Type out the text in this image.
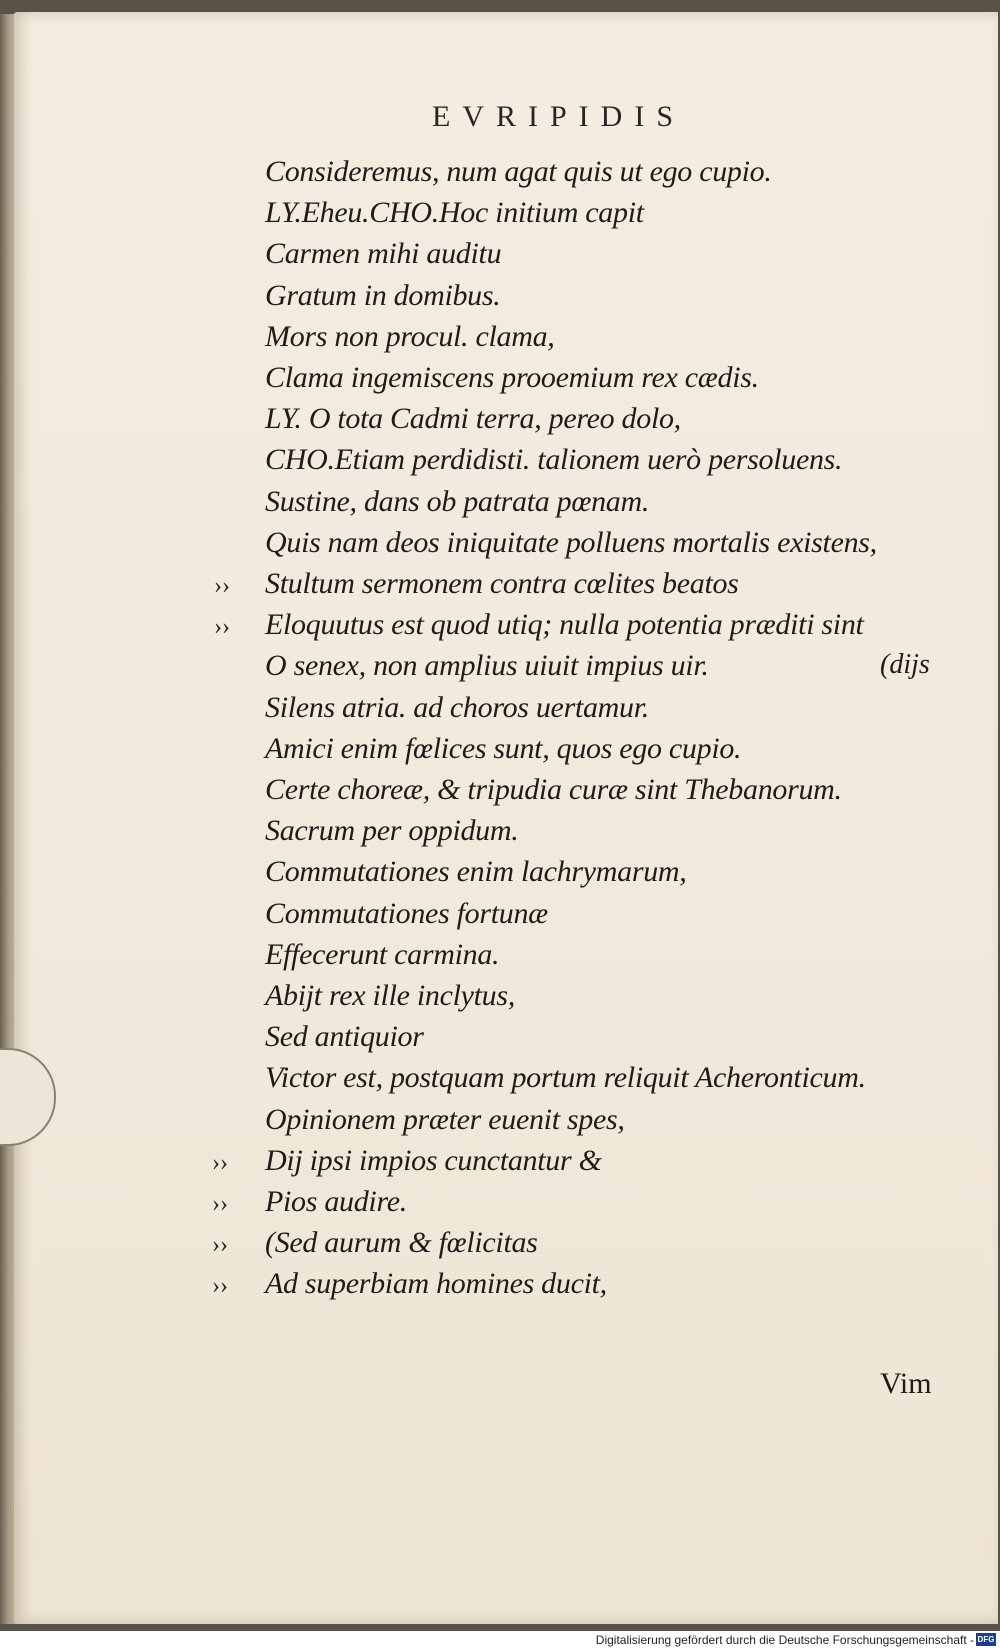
EVRIPIDIS
Consideremus, num agat quis ut ego cupio.
LY.Eheu.CHO.Hoc initium capit
Carmen mihi auditu
Gratum in domibus.
Mors non procul. clama,
Clama ingemiscens prooemium rex cædis.
LY. O tota Cadmi terra, pereo dolo,
CHO.Etiam perdidisti. talionem uerò persoluens.
Sustine, dans ob patrata pœnam.
Quis nam deos iniquitate polluens mortalis existens,
›› Stultum sermonem contra cœlites beatos
›› Eloquutus est quod utiq; nulla potentia præditi sint
O senex, non amplius uiuit impius uir.
Silens atria. ad choros uertamur.
Amici enim fœlices sunt, quos ego cupio.
Certe choreæ, & tripudia curæ sint Thebanorum.
Sacrum per oppidum.
Commutationes enim lachrymarum,
Commutationes fortunæ
Effecerunt carmina.
Abijt rex ille inclytus,
Sed antiquior
Victor est, postquam portum reliquit Acheronticum.
Opinionem præter euenit spes,
›› Dij ipsi impios cunctantur &
›› Pios audire.
›› (Sed aurum & fœlicitas
›› Ad superbiam homines ducit,
(dijs
Vim
Digitalisierung gefördert durch die Deutsche Forschungsgemeinschaft - DFG
